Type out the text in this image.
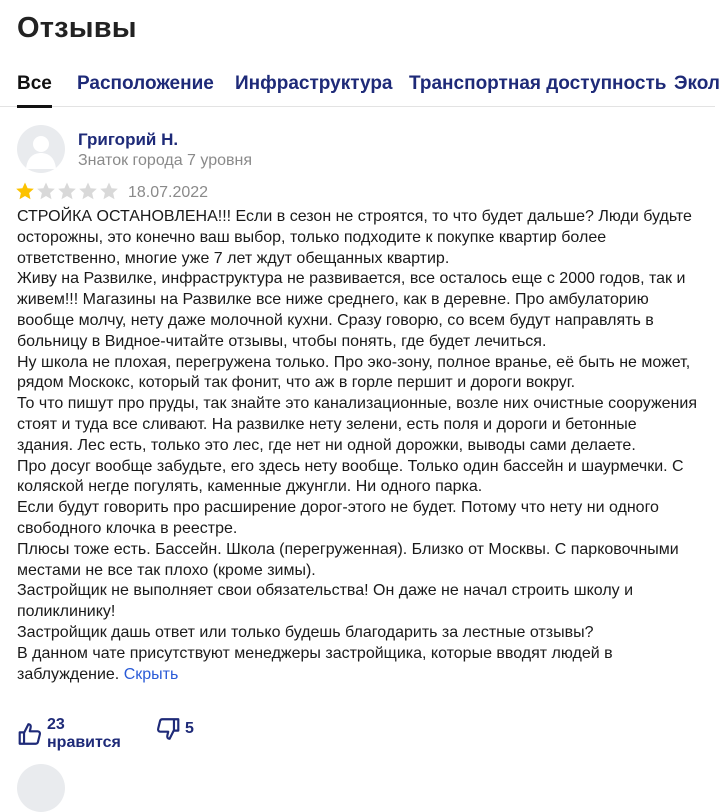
Отзывы
Все Расположение Инфраструктура Транспортная доступность Экол
Григорий Н.
Знаток города 7 уровня
18.07.2022

СТРОЙКА ОСТАНОВЛЕНА!!! Если в сезон не строятся, то что будет дальше? Люди будьте осторожны, это конечно ваш выбор, только подходите к покупке квартир более ответственно, многие уже 7 лет ждут обещанных квартир.

Живу на Развилке, инфраструктура не развивается, все осталось еще с 2000 годов, так и живем!!! Магазины на Развилке все ниже среднего, как в деревне. Про амбулаторию вообще молчу, нету даже молочной кухни. Сразу говорю, со всем будут направлять в больницу в Видное-читайте отзывы, чтобы понять, где будет лечиться.

Ну школа не плохая, перегружена только. Про эко-зону, полное вранье, её быть не может, рядом Москокс, который так фонит, что аж в горле першит и дороги вокруг.

То что пишут про пруды, так знайте это канализационные, возле них очистные сооружения стоят и туда все сливают. На развилке нету зелени, есть поля и дороги и бетонные здания. Лес есть, только это лес, где нет ни одной дорожки, выводы сами делаете.

Про досуг вообще забудьте, его здесь нету вообще. Только один бассейн и шаурмечки. С коляской негде погулять, каменные джунгли. Ни одного парка.

Если будут говорить про расширение дорог-этого не будет. Потому что нету ни одного свободного клочка в реестре.

Плюсы тоже есть. Бассейн. Школа (перегруженная). Близко от Москвы. С парковочными местами не все так плохо (кроме зимы).

Застройщик не выполняет свои обязательства! Он даже не начал строить школу и поликлинику!

Застройщик дашь ответ или только будешь благодарить за лестные отзывы?

В данном чате присутствуют менеджеры застройщика, которые вводят людей в заблуждение. Скрыть

23 нравится
5
